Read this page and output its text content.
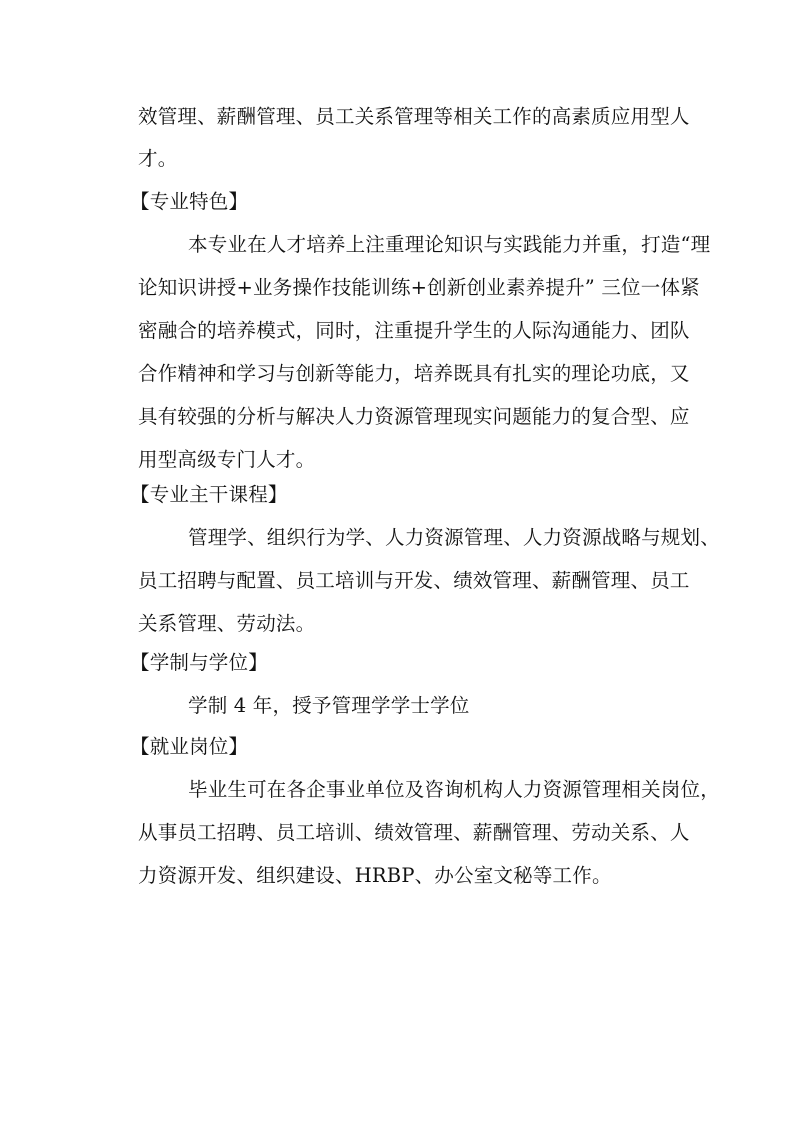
效管理、薪酬管理、员工关系管理等相关工作的高素质应用型人
才。
【专业特色】
本专业在人才培养上注重理论知识与实践能力并重，打造“理
论知识讲授+业务操作技能训练+创新创业素养提升” 三位一体紧
密融合的培养模式，同时，注重提升学生的人际沟通能力、团队
合作精神和学习与创新等能力，培养既具有扎实的理论功底，又
具有较强的分析与解决人力资源管理现实问题能力的复合型、应
用型高级专门人才。
【专业主干课程】
管理学、组织行为学、人力资源管理、人力资源战略与规划、
员工招聘与配置、员工培训与开发、绩效管理、薪酬管理、员工
关系管理、劳动法。
【学制与学位】
学制 4 年，授予管理学学士学位
【就业岗位】
毕业生可在各企事业单位及咨询机构人力资源管理相关岗位，
从事员工招聘、员工培训、绩效管理、薪酬管理、劳动关系、人
力资源开发、组织建设、HRBP、办公室文秘等工作。
